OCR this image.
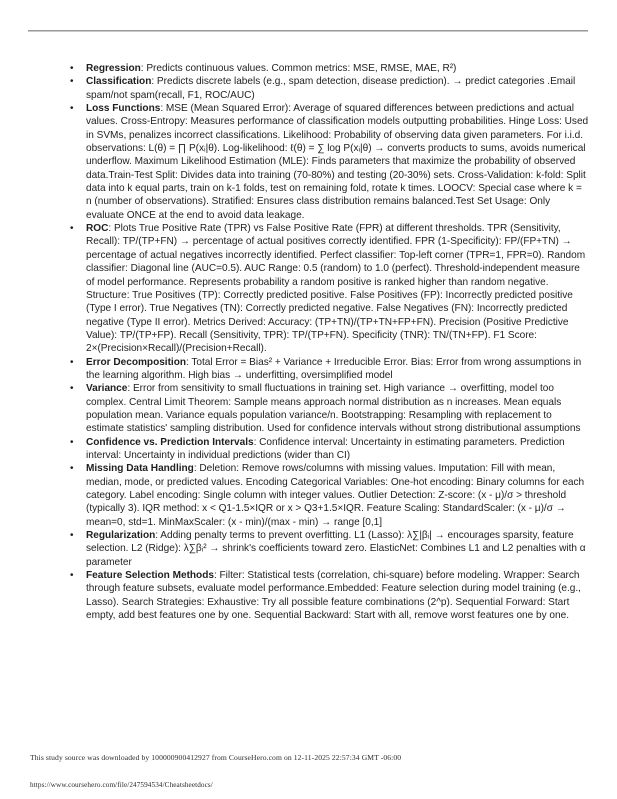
• Regression: Predicts continuous values. Common metrics: MSE, RMSE, MAE, R²)
• Classification: Predicts discrete labels (e.g., spam detection, disease prediction). → predict categories .Email spam/not spam(recall, F1, ROC/AUC)
• Loss Functions: MSE (Mean Squared Error): Average of squared differences between predictions and actual values. Cross-Entropy: Measures performance of classification models outputting probabilities. Hinge Loss: Used in SVMs, penalizes incorrect classifications. Likelihood: Probability of observing data given parameters. For i.i.d. observations: L(θ) = ∏ P(xᵢ|θ). Log-likelihood: ℓ(θ) = ∑ log P(xᵢ|θ) → converts products to sums, avoids numerical underflow. Maximum Likelihood Estimation (MLE): Finds parameters that maximize the probability of observed data.Train-Test Split: Divides data into training (70-80%) and testing (20-30%) sets. Cross-Validation: k-fold: Split data into k equal parts, train on k-1 folds, test on remaining fold, rotate k times. LOOCV: Special case where k = n (number of observations). Stratified: Ensures class distribution remains balanced.Test Set Usage: Only evaluate ONCE at the end to avoid data leakage.
• ROC: Plots True Positive Rate (TPR) vs False Positive Rate (FPR) at different thresholds. TPR (Sensitivity, Recall): TP/(TP+FN) → percentage of actual positives correctly identified. FPR (1-Specificity): FP/(FP+TN) → percentage of actual negatives incorrectly identified. Perfect classifier: Top-left corner (TPR=1, FPR=0). Random classifier: Diagonal line (AUC=0.5). AUC Range: 0.5 (random) to 1.0 (perfect). Threshold-independent measure of model performance. Represents probability a random positive is ranked higher than random negative. Structure: True Positives (TP): Correctly predicted positive. False Positives (FP): Incorrectly predicted positive (Type I error). True Negatives (TN): Correctly predicted negative. False Negatives (FN): Incorrectly predicted negative (Type II error). Metrics Derived: Accuracy: (TP+TN)/(TP+TN+FP+FN). Precision (Positive Predictive Value): TP/(TP+FP). Recall (Sensitivity, TPR): TP/(TP+FN). Specificity (TNR): TN/(TN+FP). F1 Score: 2×(Precision×Recall)/(Precision+Recall).
• Error Decomposition: Total Error = Bias² + Variance + Irreducible Error. Bias: Error from wrong assumptions in the learning algorithm. High bias → underfitting, oversimplified model
• Variance: Error from sensitivity to small fluctuations in training set. High variance → overfitting, model too complex. Central Limit Theorem: Sample means approach normal distribution as n increases. Mean equals population mean. Variance equals population variance/n. Bootstrapping: Resampling with replacement to estimate statistics' sampling distribution. Used for confidence intervals without strong distributional assumptions
• Confidence vs. Prediction Intervals: Confidence interval: Uncertainty in estimating parameters. Prediction interval: Uncertainty in individual predictions (wider than CI)
• Missing Data Handling: Deletion: Remove rows/columns with missing values. Imputation: Fill with mean, median, mode, or predicted values. Encoding Categorical Variables: One-hot encoding: Binary columns for each category. Label encoding: Single column with integer values. Outlier Detection: Z-score: (x - μ)/σ > threshold (typically 3). IQR method: x < Q1-1.5×IQR or x > Q3+1.5×IQR. Feature Scaling: StandardScaler: (x - μ)/σ → mean=0, std=1. MinMaxScaler: (x - min)/(max - min) → range [0,1]
• Regularization: Adding penalty terms to prevent overfitting. L1 (Lasso): λ∑|βᵢ| → encourages sparsity, feature selection. L2 (Ridge): λ∑βᵢ² → shrink's coefficients toward zero. ElasticNet: Combines L1 and L2 penalties with α parameter
• Feature Selection Methods: Filter: Statistical tests (correlation, chi-square) before modeling. Wrapper: Search through feature subsets, evaluate model performance.Embedded: Feature selection during model training (e.g., Lasso). Search Strategies: Exhaustive: Try all possible feature combinations (2^p). Sequential Forward: Start empty, add best features one by one. Sequential Backward: Start with all, remove worst features one by one.
This study source was downloaded by 100000900412927 from CourseHero.com on 12-11-2025 22:57:34 GMT -06:00
https://www.coursehero.com/file/247594534/Cheatsheetdocs/
